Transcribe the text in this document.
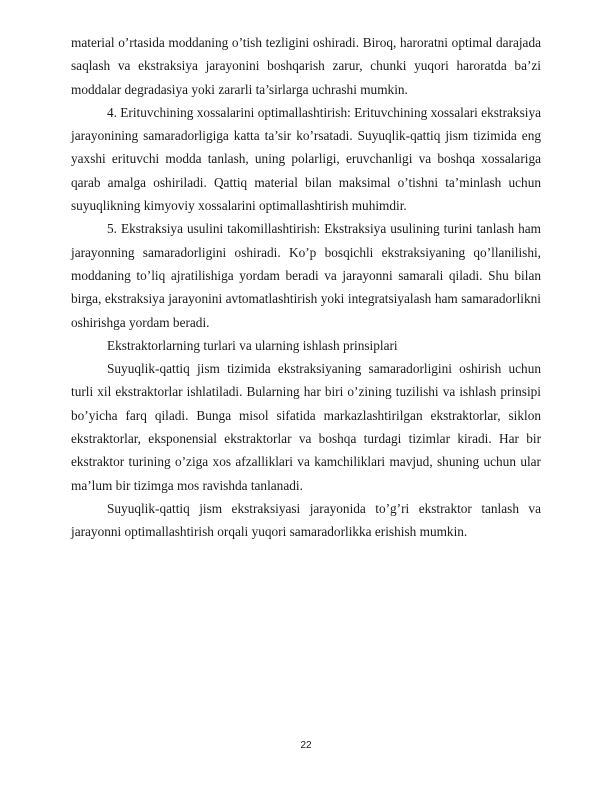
material o’rtasida moddaning o’tish tezligini oshiradi. Biroq, haroratni optimal darajada saqlash va ekstraksiya jarayonini boshqarish zarur, chunki yuqori haroratda ba’zi moddalar degradasiya yoki zararli ta’sirlarga uchrashi mumkin.

4. Erituvchining xossalarini optimallashtirish: Erituvchining xossalari ekstraksiya jarayonining samaradorligiga katta ta’sir ko’rsatadi. Suyuqlik-qattiq jism tizimida eng yaxshi erituvchi modda tanlash, uning polarligi, eruvchanligi va boshqa xossalariga qarab amalga oshiriladi. Qattiq material bilan maksimal o’tishni ta’minlash uchun suyuqlikning kimyoviy xossalarini optimallashtirish muhimdir.

5. Ekstraksiya usulini takomillashtirish: Ekstraksiya usulining turini tanlash ham jarayonning samaradorligini oshiradi. Ko’p bosqichli ekstraksiyaning qo’llanilishi, moddaning to’liq ajratilishiga yordam beradi va jarayonni samarali qiladi. Shu bilan birga, ekstraksiya jarayonini avtomatlashtirish yoki integratsiyalash ham samaradorlikni oshirishga yordam beradi.

Ekstraktorlarning turlari va ularning ishlash prinsiplari

Suyuqlik-qattiq jism tizimida ekstraksiyaning samaradorligini oshirish uchun turli xil ekstraktorlar ishlatiladi. Bularning har biri o’zining tuzilishi va ishlash prinsipi bo’yicha farq qiladi. Bunga misol sifatida markazlashtirilgan ekstraktorlar, siklon ekstraktorlar, eksponensial ekstraktorlar va boshqa turdagi tizimlar kiradi. Har bir ekstraktor turining o’ziga xos afzalliklari va kamchiliklari mavjud, shuning uchun ular ma’lum bir tizimga mos ravishda tanlanadi.

Suyuqlik-qattiq jism ekstraksiyasi jarayonida to’g’ri ekstraktor tanlash va jarayonni optimallashtirish orqali yuqori samaradorlikka erishish mumkin.

22
